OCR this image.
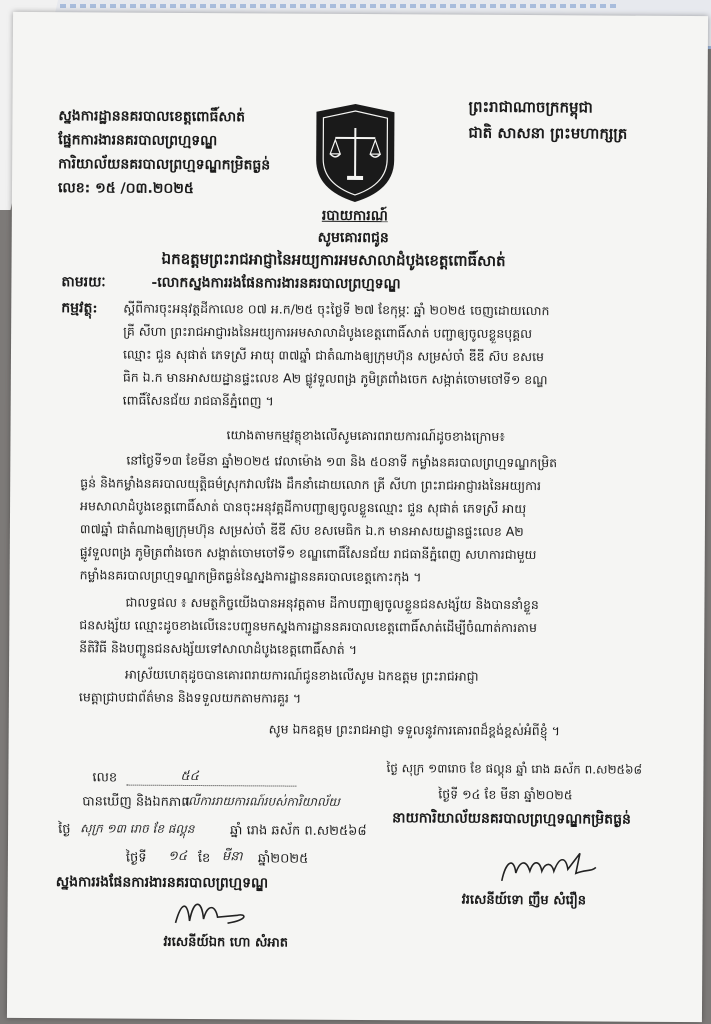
ស្នងការដ្ឋាននគរបាលខេត្តពោធិ៍សាត់
ផ្នែកការងារនគរបាលព្រហ្មទណ្ឌ
ការិយាល័យនគរបាលព្រហ្មទណ្ឌកម្រិតធ្ងន់
លេខ: ១៥ /០៣.២០២៥
ព្រះរាជាណាចក្រកម្ពុជា
ជាតិ សាសនា ព្រះមហាក្សត្រ
របាយការណ៍
សូមគោរពជូន
ឯកឧត្តមព្រះរាជអាជ្ញានៃអយ្យការអមសាលាដំបូងខេត្តពោធិ៍សាត់
តាមរយៈ	-លោកស្នងការរងផែនការងារនគរបាលព្រហ្មទណ្ឌ
កម្មវត្ថុ: ស្តីពីការចុះអនុវត្តដីកាលេខ ០៧ អ.ក/២៥ ចុះថ្ងៃទី ២៧ ខែកុម្ភៈ ឆ្នាំ ២០២៥ ចេញដោយលោក

គ្រី សីហា ព្រះរាជអាជ្ញារងនៃអយ្យការអមសាលាដំបូងខេត្តពោធិ៍សាត់ បញ្ជាឲ្យចូលខ្លួនបុគ្គល

ឈ្មោះ ជួន សុផាត់ ភេទស្រី អាយុ ៣៧ឆ្នាំ ជាតំណាងឲ្យក្រុមហ៊ុន សម្រស់ចាំ ឌីឌី ស៊ប ខសមេ

ធិក ឯ.ក មានអាសយដ្ឋានផ្ទះលេខ A២ ផ្លូវទួលពង្រ ភូមិត្រពាំងចេក សង្កាត់ចោមចៅទី១ ខណ្ឌ

ពោធិ៍សែនជ័យ រាជធានីភ្នំពេញ ។

យោងតាមកម្មវត្ថុខាងលើសូមគោរពរាយការណ៍ដូចខាងក្រោម៖

នៅថ្ងៃទី១៣ ខែមីនា ឆ្នាំ២០២៥ វេលាម៉ោង ១៣ និង ៥០នាទី កម្លាំងនគរបាលព្រហ្មទណ្ឌកម្រិត

ធ្ងន់ និងកម្លាំងនគរបាលយុត្តិធម៌ស្រុកវាលវែង ដឹកនាំដោយលោក គ្រី សីហា ព្រះរាជអាជ្ញារងនៃអយ្យការ

អមសាលាដំបូងខេត្តពោធិ៍សាត់ បានចុះអនុវត្តដីកាបញ្ជាឲ្យចូលខ្លួនឈ្មោះ ជួន សុផាត់ ភេទស្រី អាយុ

៣៧ឆ្នាំ ជាតំណាងឲ្យក្រុមហ៊ុន សម្រស់ចាំ ឌីឌី ស៊ប ខសមេធិក ឯ.ក មានអាសយដ្ឋានផ្ទះលេខ A២

ផ្លូវទួលពង្រ ភូមិត្រពាំងចេក សង្កាត់ចោមចៅទី១ ខណ្ឌពោធិ៍សែនជ័យ រាជធានីភ្នំពេញ សហការជាមួយ

កម្លាំងនគរបាលព្រហ្មទណ្ឌកម្រិតធ្ងន់នៃស្នងការដ្ឋាននគរបាលខេត្តកោះកុង ។

ជាលទ្ធផល ៖ សមត្ថកិច្ចយើងបានអនុវត្តតាម ដីកាបញ្ជាឲ្យចូលខ្លួនជនសង្ស័យ និងបាននាំខ្លួន

ជនសង្ស័យ ឈ្មោះដូចខាងលើនេះបញ្ជូនមកស្នងការដ្ឋាននគរបាលខេត្តពោធិ៍សាត់ដើម្បីចំណាត់ការតាម

នីតិវិធី និងបញ្ជូនជនសង្ស័យទៅសាលាដំបូងខេត្តពោធិ៍សាត់ ។

អាស្រ័យហេតុដូចបានគោរពរាយការណ៍ជូនខាងលើសូម ឯកឧត្តម ព្រះរាជអាជ្ញា

មេត្តាជ្រាបជាព័ត៌មាន និងទទួលយកតាមការគួរ ។

សូម ឯកឧត្តម ព្រះរាជអាជ្ញា ទទួលនូវការគោរពដ៏ខ្ពង់ខ្ពស់អំពីខ្ញុំ ។
លេខ	៥៤
បានឃើញ និងឯកភាព
លើការរាយការណ៍របស់ការិយាល័យ
ថ្ងៃ សុក្រ ១៣ រោច ខែ ផល្គុន	ឆ្នាំ រោង ឆស័ក ព.ស២៥៦៨
ថ្ងៃទី ១៤ ខែ មីនា ឆ្នាំ២០២៥
ស្នងការរងផែនការងារនគរបាលព្រហ្មទណ្ឌ
វរសេនីយ៍ឯក ហោ សំអាត
ថ្ងៃ សុក្រ ១៣រោច ខែ ផល្គុន ឆ្នាំ រោង ឆស័ក ព.ស២៥៦៨
ថ្ងៃទី ១៤ ខែ មីនា ឆ្នាំ២០២៥
នាយការិយាល័យនគរបាលព្រហ្មទណ្ឌកម្រិតធ្ងន់
វរសេនីយ៍ទោ ញឹម សំរឿន
